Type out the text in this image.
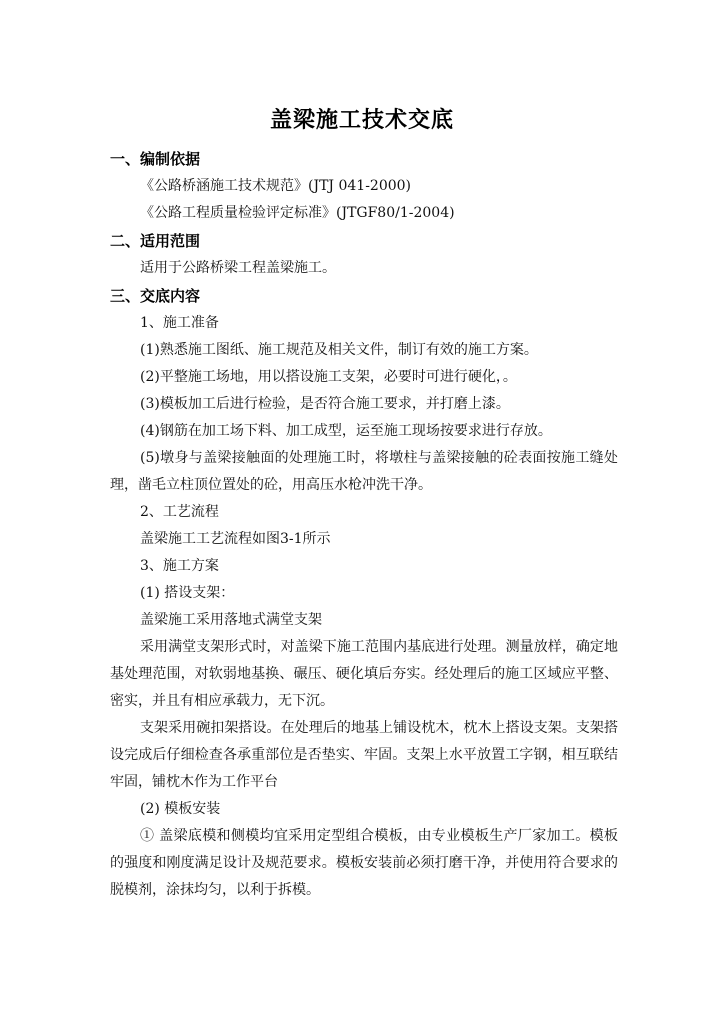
盖梁施工技术交底
一、编制依据
《公路桥涵施工技术规范》(JTJ 041-2000)
《公路工程质量检验评定标准》(JTGF80/1-2004)
二、适用范围
适用于公路桥梁工程盖梁施工。
三、交底内容
1、施工准备
(1)熟悉施工图纸、施工规范及相关文件，制订有效的施工方案。
(2)平整施工场地，用以搭设施工支架，必要时可进行硬化，。
(3)模板加工后进行检验，是否符合施工要求，并打磨上漆。
(4)钢筋在加工场下料、加工成型，运至施工现场按要求进行存放。
(5)墩身与盖梁接触面的处理施工时，将墩柱与盖梁接触的砼表面按施工缝处理，凿毛立柱顶位置处的砼，用高压水枪冲洗干净。
2、工艺流程
盖梁施工工艺流程如图3-1所示
3、施工方案
(1) 搭设支架：
盖梁施工采用落地式满堂支架
采用满堂支架形式时，对盖梁下施工范围内基底进行处理。测量放样，确定地基处理范围，对软弱地基换、碾压、硬化填后夯实。经处理后的施工区域应平整、密实，并且有相应承载力，无下沉。
支架采用碗扣架搭设。在处理后的地基上铺设枕木，枕木上搭设支架。支架搭设完成后仔细检查各承重部位是否垫实、牢固。支架上水平放置工字钢，相互联结牢固，铺枕木作为工作平台
(2) 模板安装
① 盖梁底模和侧模均宜采用定型组合模板，由专业模板生产厂家加工。模板的强度和刚度满足设计及规范要求。模板安装前必须打磨干净，并使用符合要求的脱模剂，涂抹均匀，以利于拆模。
